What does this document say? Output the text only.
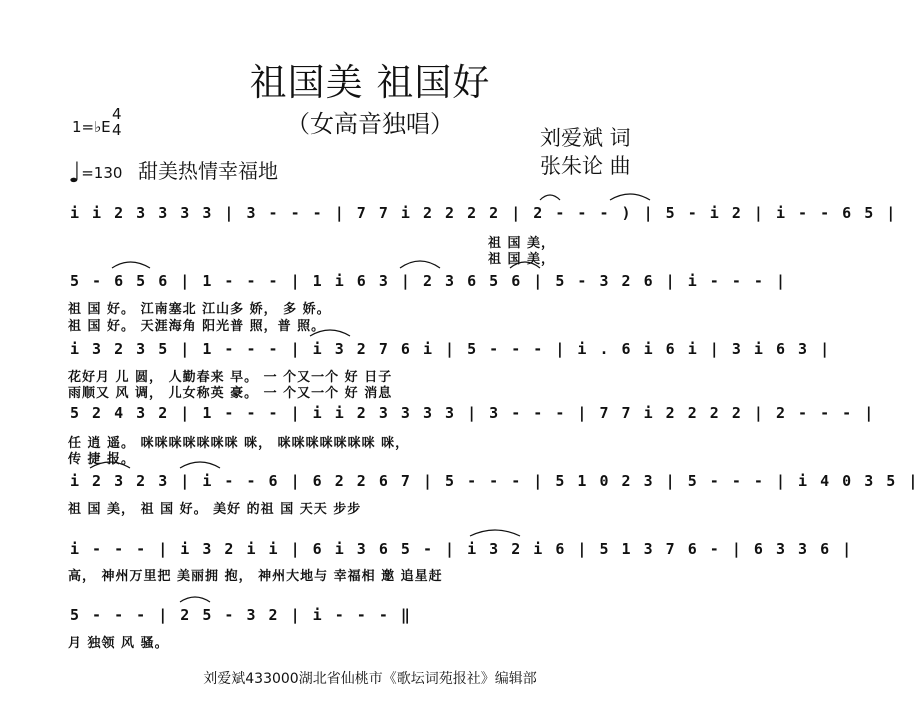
祖国美 祖国好
（女高音独唱）
1=♭E
4
4	刘爱斌 词
张朱论 曲
♩=130 甜美热情幸福地
i i 2 3 3 3 3 | 3 - - - | 7 7 i 2 2 2 2 | 2 - - - ) | 5 - i 2 | i - - 6 5 |
祖 国 美，
祖 国 美，
5 - 6 5 6 | 1 - - - | 1 i 6 3 | 2 3 6 5 6 | 5 - 3 2 6 | i - - - |
祖 国 好。 江南塞北 江山多 娇， 多 娇。
祖 国 好。 天涯海角 阳光普 照，普 照。
i 3 2 3 5 | 1 - - - | i 3 2 7 6 i | 5 - - - | i . 6 i 6 i | 3 i 6 3 |
花好月 儿 圆， 人勤春来 早。 一 个又一个 好 日子
雨顺又 风 调， 儿女称英 豪。 一 个又一个 好 消息
5 2 4 3 2 | 1 - - - | i i 2 3 3 3 3 | 3 - - - | 7 7 i 2 2 2 2 | 2 - - - |
任 逍 遥。 咪咪咪咪咪咪咪 咪， 咪咪咪咪咪咪咪 咪，
传 捷 报。
i 2 3 2 3 | i - - 6 | 6 2 2 6 7 | 5 - - - | 5 1 0 2 3 | 5 - - - | i 4 0 3 5 |
祖 国 美， 祖 国 好。 美好 的祖 国 天天 步步
i - - - | i 3 2 i i | 6 i 3 6 5 - | i 3 2 i 6 | 5 1 3 7 6 - | 6 3 3 6 |
高， 神州万里把 美丽拥 抱， 神州大地与 幸福相 邀 追星赶
5 - - - | 2 5 - 3 2 | i - - - ‖
月 独领 风 骚。
刘爱斌433000湖北省仙桃市《歌坛词苑报社》编辑部
